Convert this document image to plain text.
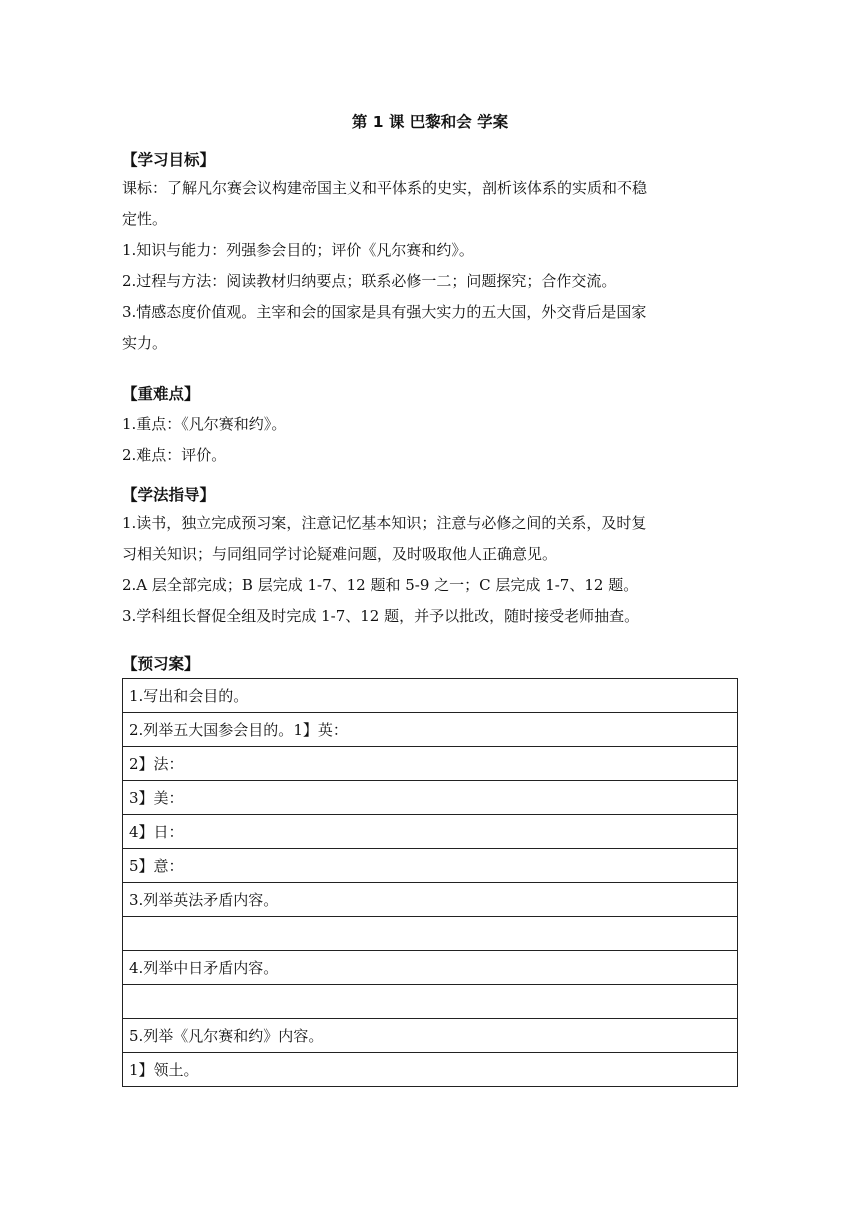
第 1 课 巴黎和会 学案
【学习目标】
课标：了解凡尔赛会议构建帝国主义和平体系的史实，剖析该体系的实质和不稳
定性。
1.知识与能力：列强参会目的；评价《凡尔赛和约》。
2.过程与方法：阅读教材归纳要点；联系必修一二；问题探究；合作交流。
3.情感态度价值观。主宰和会的国家是具有强大实力的五大国，外交背后是国家
实力。
【重难点】
1.重点：《凡尔赛和约》。
2.难点：评价。
【学法指导】
1.读书，独立完成预习案，注意记忆基本知识；注意与必修之间的关系，及时复
习相关知识；与同组同学讨论疑难问题，及时吸取他人正确意见。
2.A 层全部完成；B 层完成 1-7、12 题和 5-9 之一；C 层完成 1-7、12 题。
3.学科组长督促全组及时完成 1-7、12 题，并予以批改，随时接受老师抽查。
【预习案】
1.写出和会目的。
2.列举五大国参会目的。1】英：
2】法：
3】美：
4】日：
5】意：
3.列举英法矛盾内容。

4.列举中日矛盾内容。

5.列举《凡尔赛和约》内容。
1】领土。
